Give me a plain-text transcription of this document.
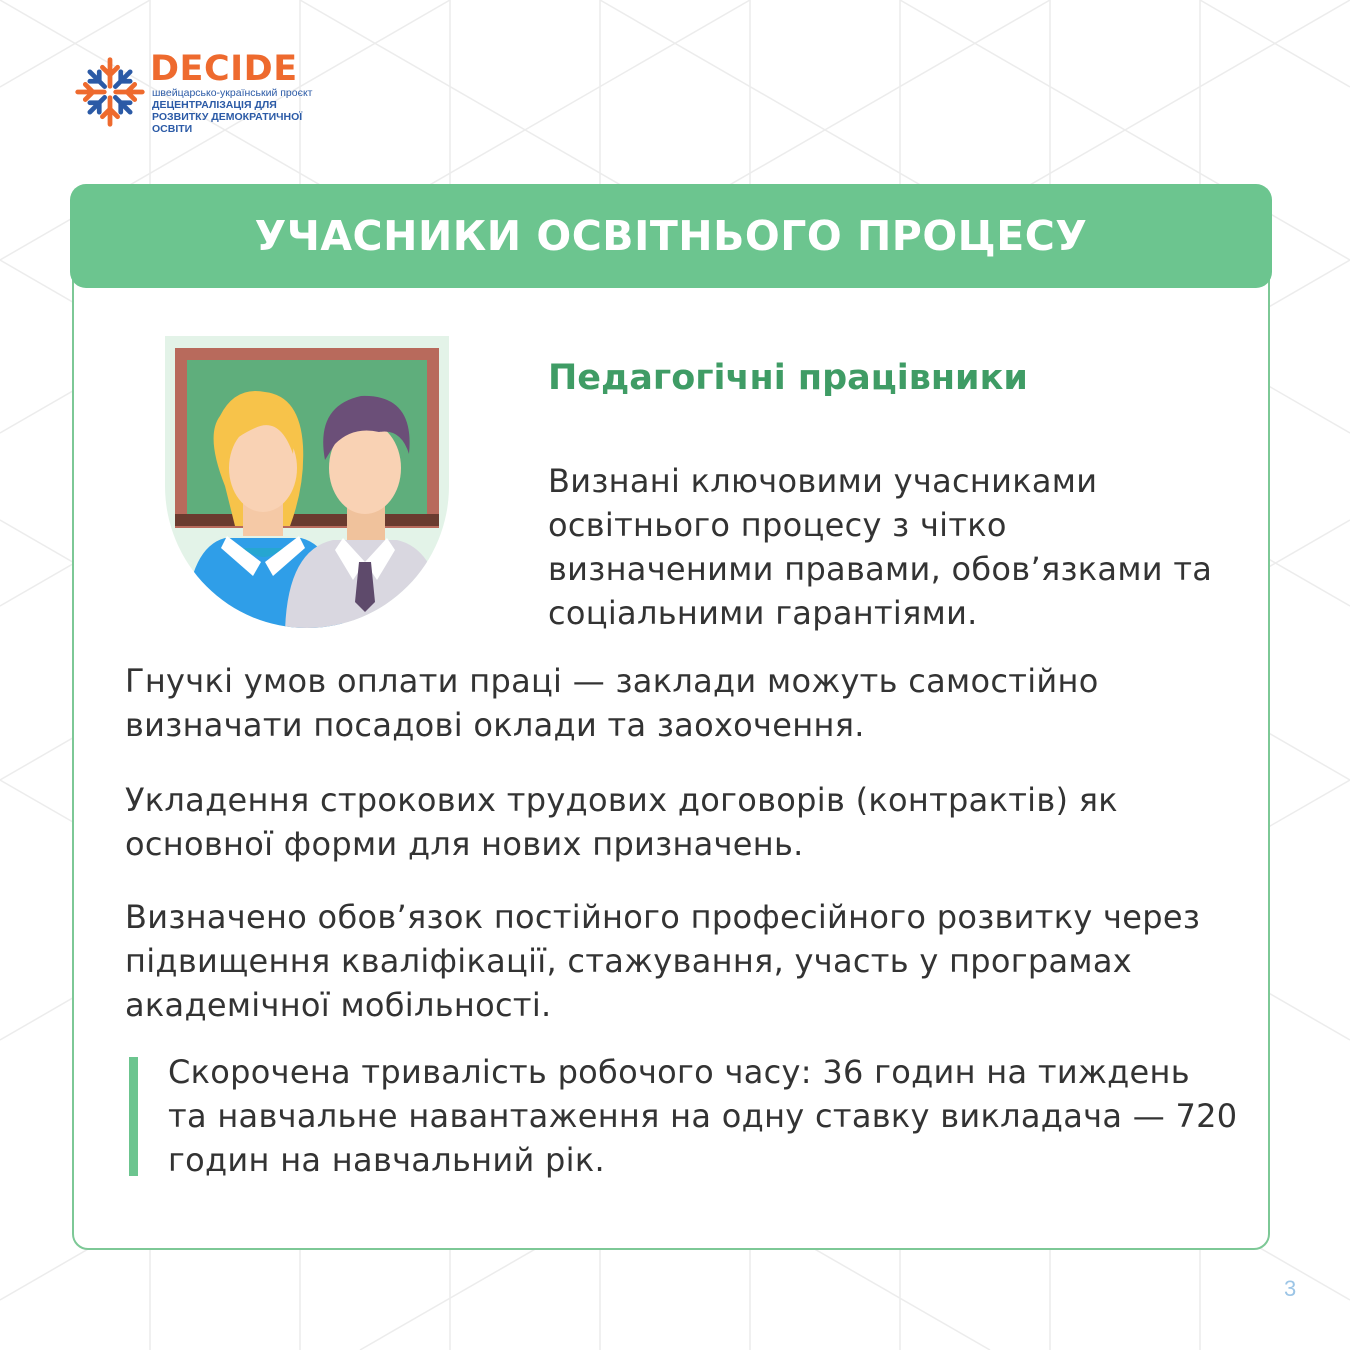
DECIDE

швейцарсько-український проєкт

ДЕЦЕНТРАЛІЗАЦІЯ ДЛЯ РОЗВИТКУ ДЕМОКРАТИЧНОЇ ОСВІТИ

УЧАСНИКИ ОСВІТНЬОГО ПРОЦЕСУ
Педагогічні працівники

Визнані ключовими учасниками освітнього процесу з чітко визначеними правами, обов’язками та соціальними гарантіями.

Гнучкі умов оплати праці — заклади можуть самостійно визначати посадові оклади та заохочення.

Укладення строкових трудових договорів (контрактів) як основної форми для нових призначень.

Визначено обов’язок постійного професійного розвитку через підвищення кваліфікації, стажування, участь у програмах академічної мобільності.

Скорочена тривалість робочого часу: 36 годин на тиждень та навчальне навантаження на одну ставку викладача — 720 годин на навчальний рік.

3
